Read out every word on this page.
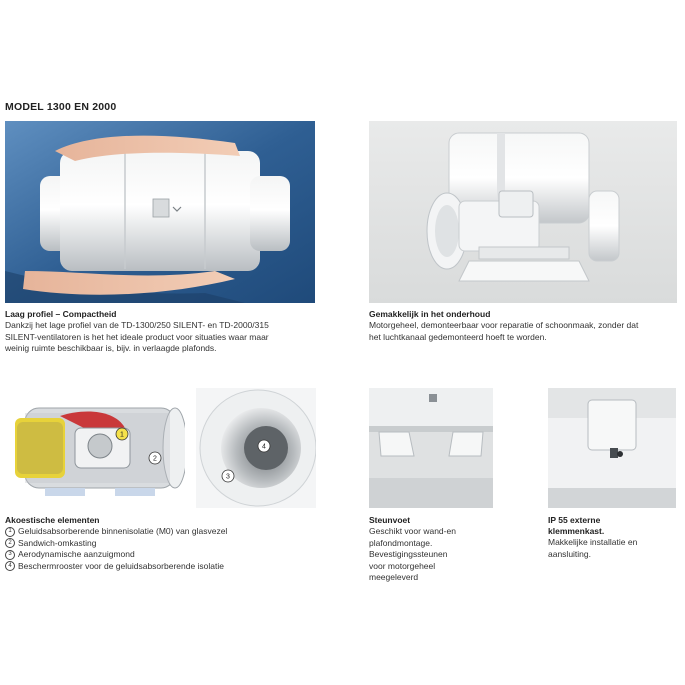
MODEL 1300 EN 2000
Laag profiel – Compactheid
Dankzij het lage profiel van de TD-1300/250 SILENT- en TD-2000/315
SILENT-ventilatoren is het het ideale product voor situaties waar maar
weinig ruimte beschikbaar is, bijv. in verlaagde plafonds.
Gemakkelijk in het onderhoud
Motorgeheel, demonteerbaar voor reparatie of schoonmaak, zonder dat
het luchtkanaal gedemonteerd hoeft te worden.
1
2
4
3
Akoestische elementen
1 Geluidsabsorberende binnenisolatie (M0) van glasvezel
2 Sandwich-omkasting
3 Aerodynamische aanzuigmond
4 Beschermrooster voor de geluidsabsorberende isolatie
Steunvoet
Geschikt voor wand-en
plafondmontage.
Bevestigingssteunen
voor motorgeheel
meegeleverd
IP 55 externe
klemmenkast.
Makkelijke installatie en
aansluiting.
